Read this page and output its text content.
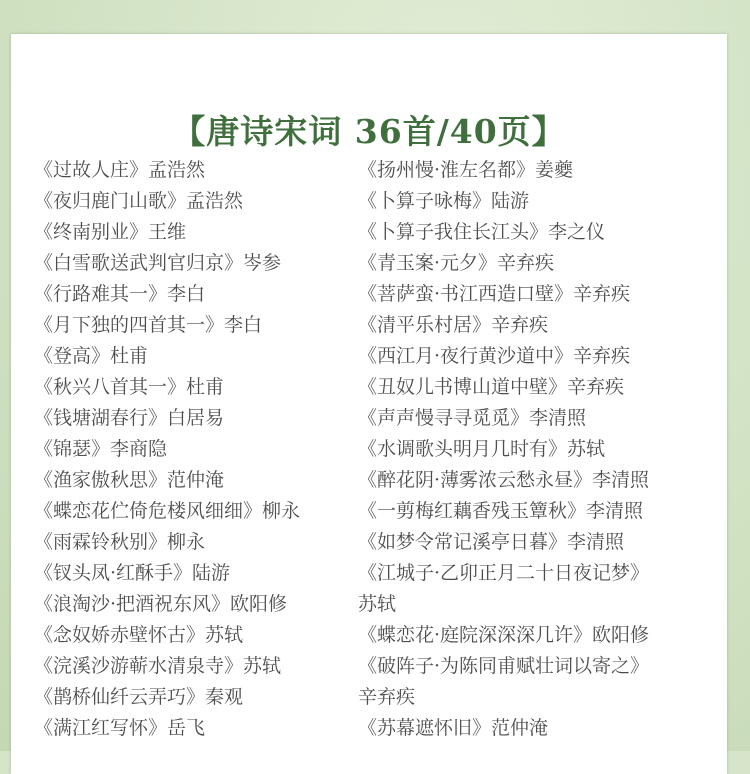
【唐诗宋词 36首/40页】
《过故人庄》孟浩然
《夜归鹿门山歌》孟浩然
《终南别业》王维
《白雪歌送武判官归京》岑参
《行路难其一》李白
《月下独的四首其一》李白
《登高》杜甫
《秋兴八首其一》杜甫
《钱塘湖春行》白居易
《锦瑟》李商隐
《渔家傲秋思》范仲淹
《蝶恋花伫倚危楼风细细》柳永
《雨霖铃秋别》柳永
《钗头凤·红酥手》陆游
《浪淘沙·把酒祝东风》欧阳修
《念奴娇赤壁怀古》苏轼
《浣溪沙游蕲水清泉寺》苏轼
《鹊桥仙纤云弄巧》秦观
《满江红写怀》岳飞
《扬州慢·淮左名都》姜夔
《卜算子咏梅》陆游
《卜算子我住长江头》李之仪
《青玉案·元夕》辛弃疾
《菩萨蛮·书江西造口壁》辛弃疾
《清平乐村居》辛弃疾
《西江月·夜行黄沙道中》辛弃疾
《丑奴儿书博山道中壁》辛弃疾
《声声慢寻寻觅觅》李清照
《水调歌头明月几时有》苏轼
《醉花阴·薄雾浓云愁永昼》李清照
《一剪梅红藕香残玉簟秋》李清照
《如梦令常记溪亭日暮》李清照
《江城子·乙卯正月二十日夜记梦》
苏轼
《蝶恋花·庭院深深深几许》欧阳修
《破阵子·为陈同甫赋壮词以寄之》
辛弃疾
《苏幕遮怀旧》范仲淹
